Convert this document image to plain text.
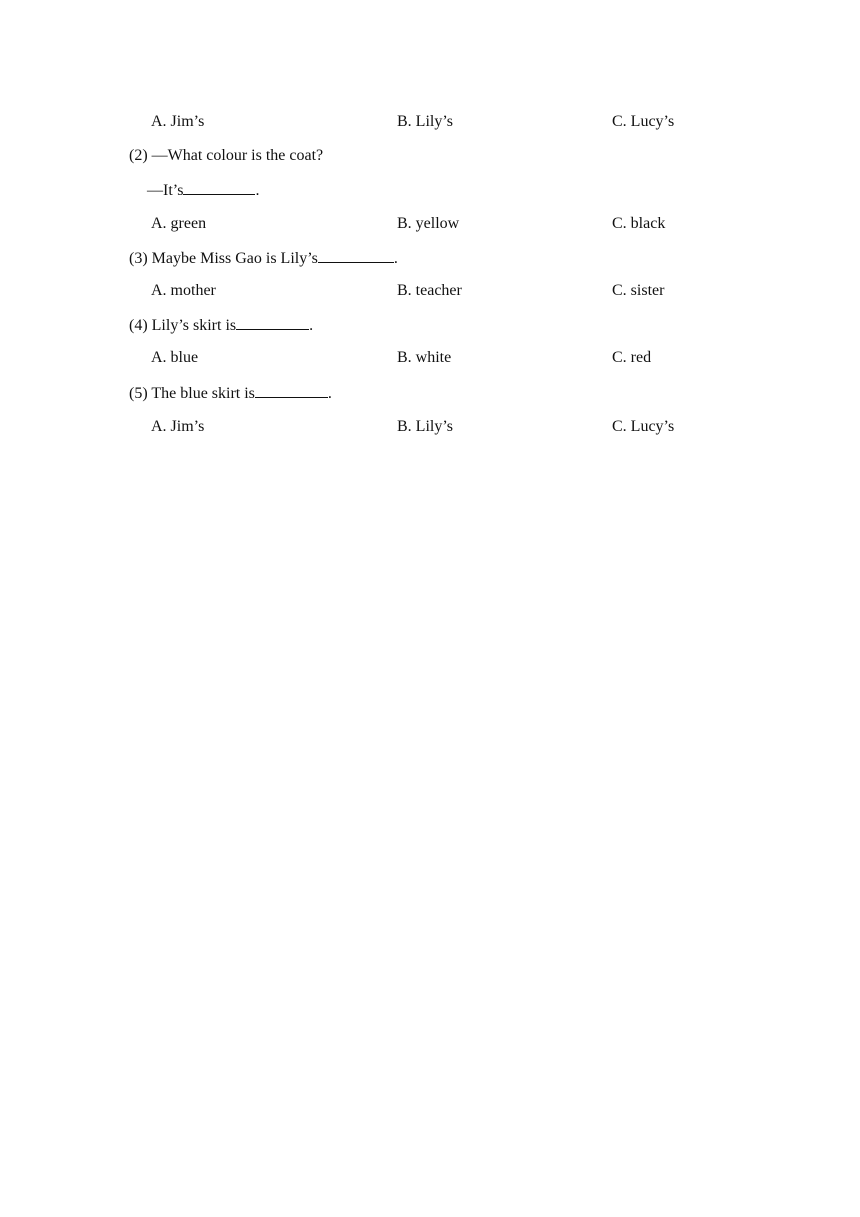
A. Jim’s	B. Lily’s	C. Lucy’s
(2) —What colour is the coat?
—It’s	.
A. green	B. yellow	C. black
(3) Maybe Miss Gao is Lily’s	.
A. mother	B. teacher	C. sister
(4) Lily’s skirt is	.
A. blue	B. white	C. red
(5) The blue skirt is	.
A. Jim’s	B. Lily’s	C. Lucy’s
